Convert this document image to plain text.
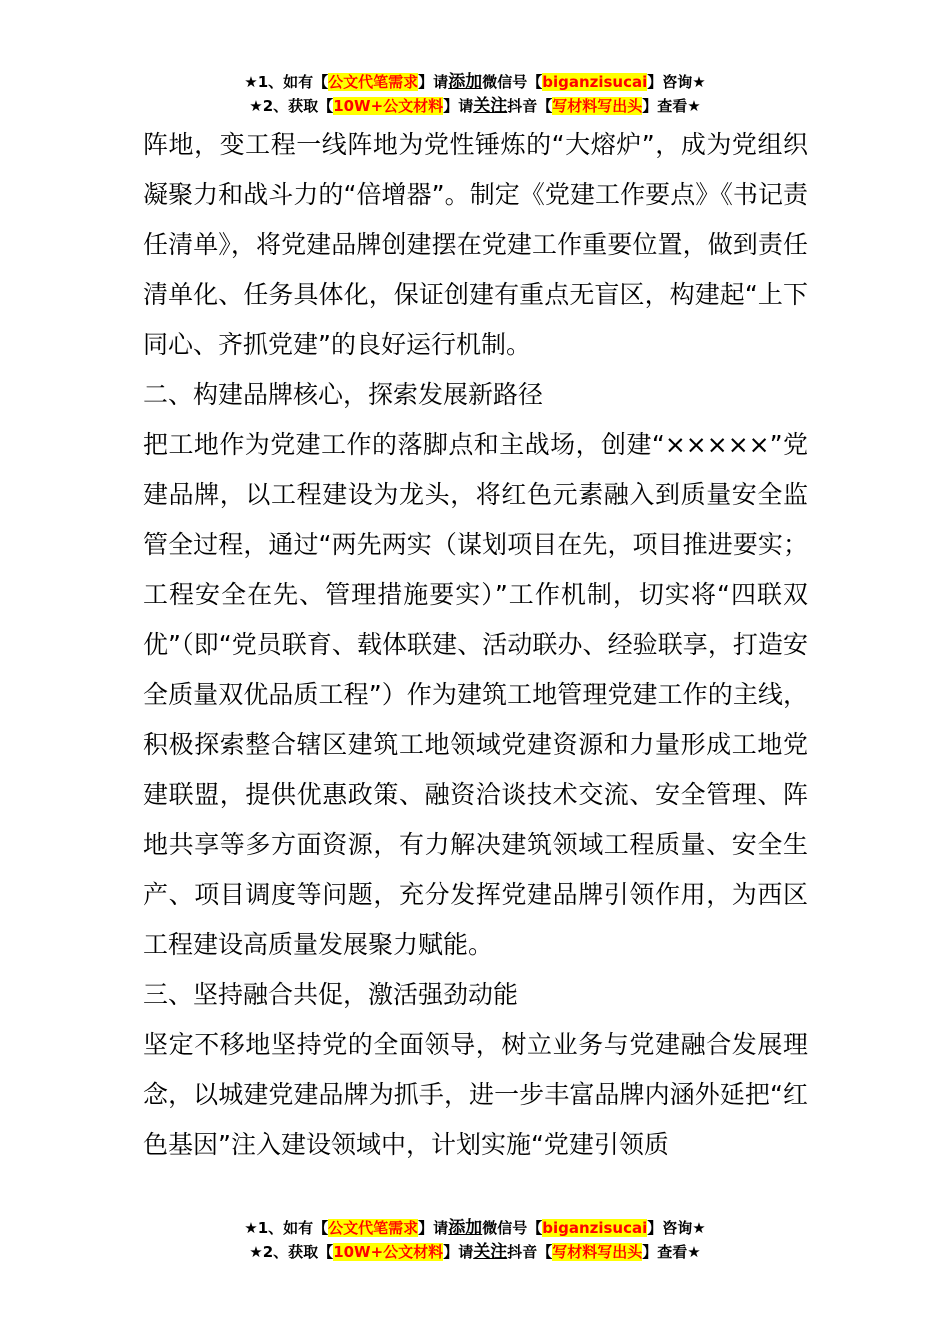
★1、如有【公文代笔需求】请添加微信号【biganzisucai】咨询★
★2、获取【10W+公文材料】请关注抖音【写材料写出头】查看★

阵地，变工程一线阵地为党性锤炼的“大熔炉”，成为党组织凝聚力和战斗力的“倍增器”。制定《党建工作要点》《书记责任清单》，将党建品牌创建摆在党建工作重要位置，做到责任清单化、任务具体化，保证创建有重点无盲区，构建起“上下同心、齐抓党建”的良好运行机制。

二、构建品牌核心，探索发展新路径

把工地作为党建工作的落脚点和主战场，创建“×××××”党建品牌，以工程建设为龙头，将红色元素融入到质量安全监管全过程，通过“两先两实（谋划项目在先，项目推进要实；工程安全在先、管理措施要实）”工作机制，切实将“四联双优”（即“党员联育、载体联建、活动联办、经验联享，打造安全质量双优品质工程”）作为建筑工地管理党建工作的主线，积极探索整合辖区建筑工地领域党建资源和力量形成工地党建联盟，提供优惠政策、融资洽谈技术交流、安全管理、阵地共享等多方面资源，有力解决建筑领域工程质量、安全生产、项目调度等问题，充分发挥党建品牌引领作用，为西区工程建设高质量发展聚力赋能。

三、坚持融合共促，激活强劲动能

坚定不移地坚持党的全面领导，树立业务与党建融合发展理念，以城建党建品牌为抓手，进一步丰富品牌内涵外延把“红色基因”注入建设领域中，计划实施“党建引领质

★1、如有【公文代笔需求】请添加微信号【biganzisucai】咨询★
★2、获取【10W+公文材料】请关注抖音【写材料写出头】查看★
